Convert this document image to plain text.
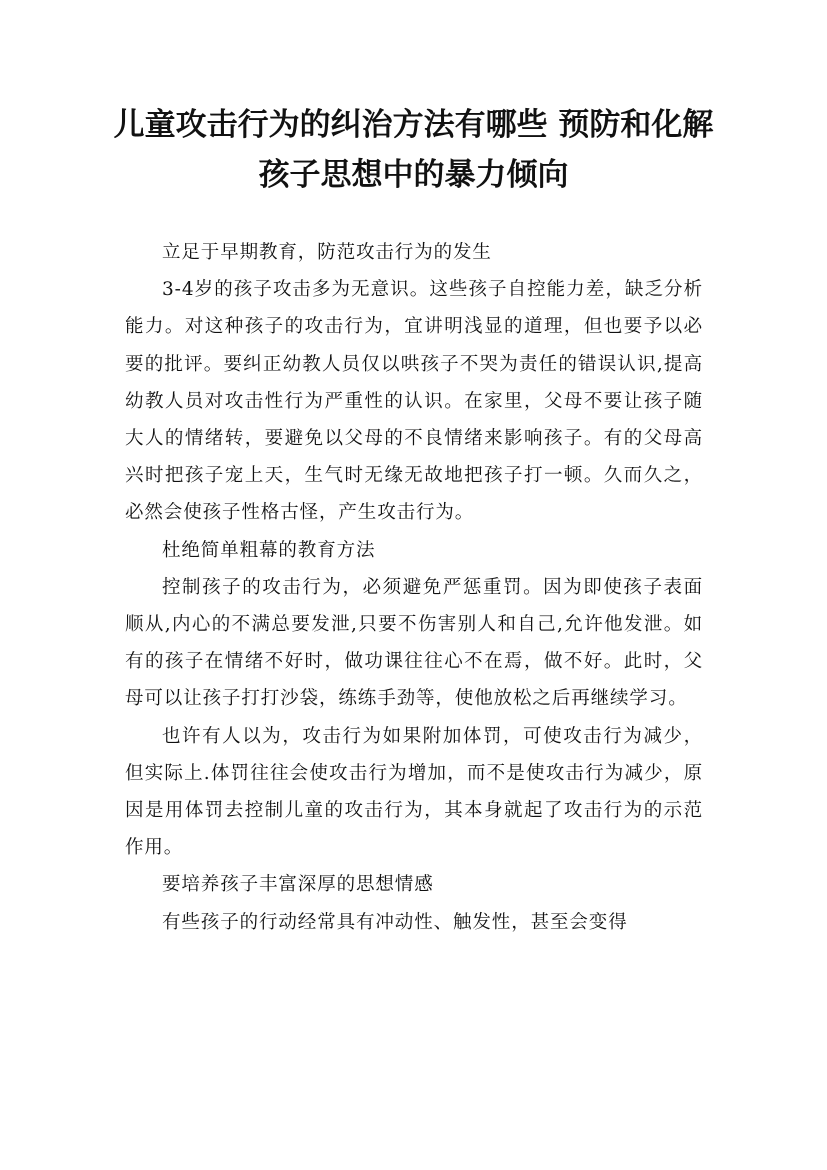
儿童攻击行为的纠治方法有哪些 预防和化解孩子思想中的暴力倾向

立足于早期教育，防范攻击行为的发生

3-4岁的孩子攻击多为无意识。这些孩子自控能力差，缺乏分析能力。对这种孩子的攻击行为，宜讲明浅显的道理，但也要予以必要的批评。要纠正幼教人员仅以哄孩子不哭为责任的错误认识,提高幼教人员对攻击性行为严重性的认识。在家里，父母不要让孩子随大人的情绪转，要避免以父母的不良情绪来影响孩子。有的父母高兴时把孩子宠上天，生气时无缘无故地把孩子打一顿。久而久之，必然会使孩子性格古怪，产生攻击行为。

杜绝简单粗幕的教育方法

控制孩子的攻击行为，必须避免严惩重罚。因为即使孩子表面顺从,内心的不满总要发泄,只要不伤害别人和自己,允许他发泄。如有的孩子在情绪不好时，做功课往往心不在焉，做不好。此时，父母可以让孩子打打沙袋，练练手劲等，使他放松之后再继续学习。

也许有人以为，攻击行为如果附加体罚，可使攻击行为减少，但实际上.体罚往往会使攻击行为增加，而不是使攻击行为减少，原因是用体罚去控制儿童的攻击行为，其本身就起了攻击行为的示范作用。

要培养孩子丰富深厚的思想情感

有些孩子的行动经常具有冲动性、触发性，甚至会变得
